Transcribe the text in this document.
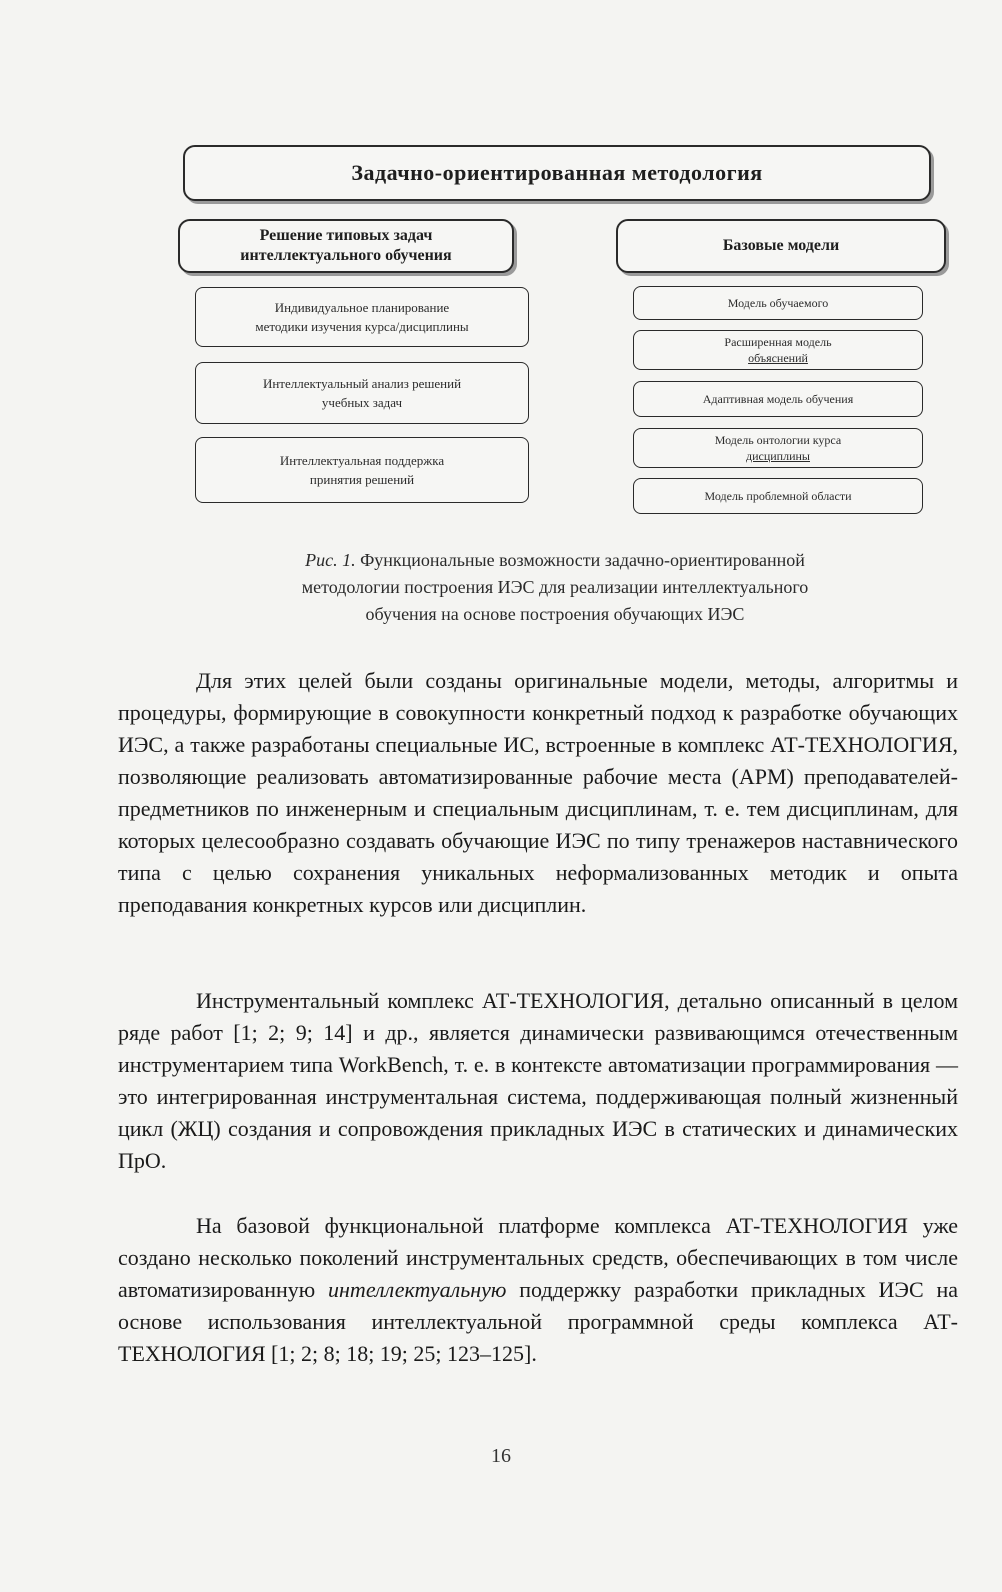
Задачно-ориентированная методология
Решение типовых задач
интеллектуального обучения
Базовые модели
Индивидуальное планирование
методики изучения курса/дисциплины
Интеллектуальный анализ решений
учебных задач
Интеллектуальная поддержка
принятия решений
Модель обучаемого
Расширенная модель
объяснений
Адаптивная модель обучения
Модель онтологии курса
дисциплины
Модель проблемной области
Рис. 1. Функциональные возможности задачно-ориентированной
методологии построения ИЭС для реализации интеллектуального
обучения на основе построения обучающих ИЭС

Для этих целей были созданы оригинальные модели, методы, алгоритмы и процедуры, формирующие в совокупности конкретный подход к разработке обучающих ИЭС, а также разработаны специальные ИС, встроенные в комплекс АТ-ТЕХНОЛОГИЯ, позволяющие реализовать автоматизированные рабочие места (АРМ) преподавателей-предметников по инженерным и специальным дисциплинам, т. е. тем дисциплинам, для которых целесообразно создавать обучающие ИЭС по типу тренажеров наставнического типа с целью сохранения уникальных неформализованных методик и опыта преподавания конкретных курсов или дисциплин.

Инструментальный комплекс АТ-ТЕХНОЛОГИЯ, детально описанный в целом ряде работ [1; 2; 9; 14] и др., является динамически развивающимся отечественным инструментарием типа WorkBench, т. е. в контексте автоматизации программирования — это интегрированная инструментальная система, поддерживающая полный жизненный цикл (ЖЦ) создания и сопровождения прикладных ИЭС в статических и динамических ПрО.

На базовой функциональной платформе комплекса АТ-ТЕХНОЛОГИЯ уже создано несколько поколений инструментальных средств, обеспечивающих в том числе автоматизированную интеллектуальную поддержку разработки прикладных ИЭС на основе использования интеллектуальной программной среды комплекса АТ-ТЕХНОЛОГИЯ [1; 2; 8; 18; 19; 25; 123–125].

16
